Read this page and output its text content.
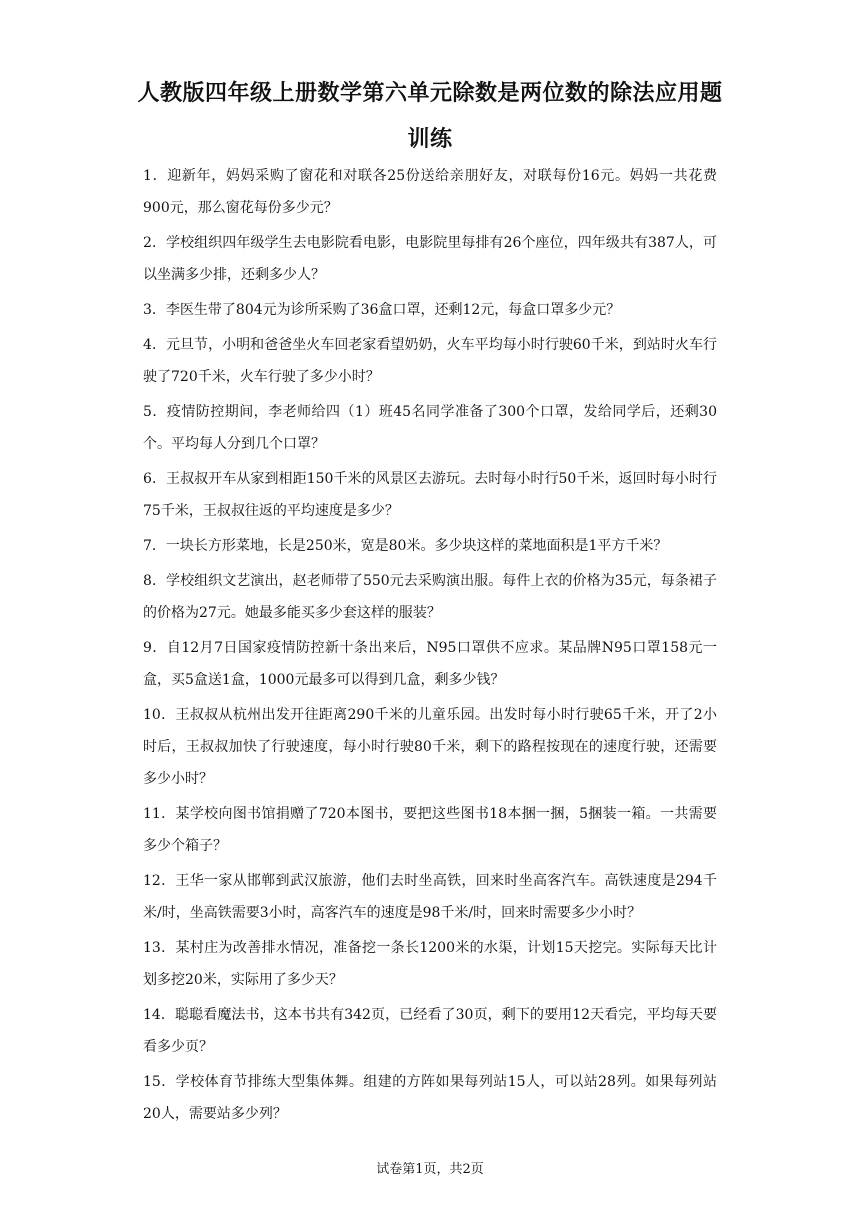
人教版四年级上册数学第六单元除数是两位数的除法应用题
训练
1．迎新年，妈妈采购了窗花和对联各25份送给亲朋好友，对联每份16元。妈妈一共花费900元，那么窗花每份多少元？
2．学校组织四年级学生去电影院看电影，电影院里每排有26个座位，四年级共有387人，可以坐满多少排，还剩多少人？
3．李医生带了804元为诊所采购了36盒口罩，还剩12元，每盒口罩多少元？
4．元旦节，小明和爸爸坐火车回老家看望奶奶，火车平均每小时行驶60千米，到站时火车行驶了720千米，火车行驶了多少小时？
5．疫情防控期间，李老师给四（1）班45名同学准备了300个口罩，发给同学后，还剩30个。平均每人分到几个口罩？
6．王叔叔开车从家到相距150千米的风景区去游玩。去时每小时行50千米，返回时每小时行75千米，王叔叔往返的平均速度是多少？
7．一块长方形菜地，长是250米，宽是80米。多少块这样的菜地面积是1平方千米？
8．学校组织文艺演出，赵老师带了550元去采购演出服。每件上衣的价格为35元，每条裙子的价格为27元。她最多能买多少套这样的服装？
9．自12月7日国家疫情防控新十条出来后，N95口罩供不应求。某品牌N95口罩158元一盒，买5盒送1盒，1000元最多可以得到几盒，剩多少钱？
10．王叔叔从杭州出发开往距离290千米的儿童乐园。出发时每小时行驶65千米，开了2小时后，王叔叔加快了行驶速度，每小时行驶80千米，剩下的路程按现在的速度行驶，还需要多少小时？
11．某学校向图书馆捐赠了720本图书，要把这些图书18本捆一捆，5捆装一箱。一共需要多少个箱子？
12．王华一家从邯郸到武汉旅游，他们去时坐高铁，回来时坐高客汽车。高铁速度是294千米/时，坐高铁需要3小时，高客汽车的速度是98千米/时，回来时需要多少小时？
13．某村庄为改善排水情况，准备挖一条长1200米的水渠，计划15天挖完。实际每天比计划多挖20米，实际用了多少天？
14．聪聪看魔法书，这本书共有342页，已经看了30页，剩下的要用12天看完，平均每天要看多少页？
15．学校体育节排练大型集体舞。组建的方阵如果每列站15人，可以站28列。如果每列站20人，需要站多少列？
试卷第1页，共2页
